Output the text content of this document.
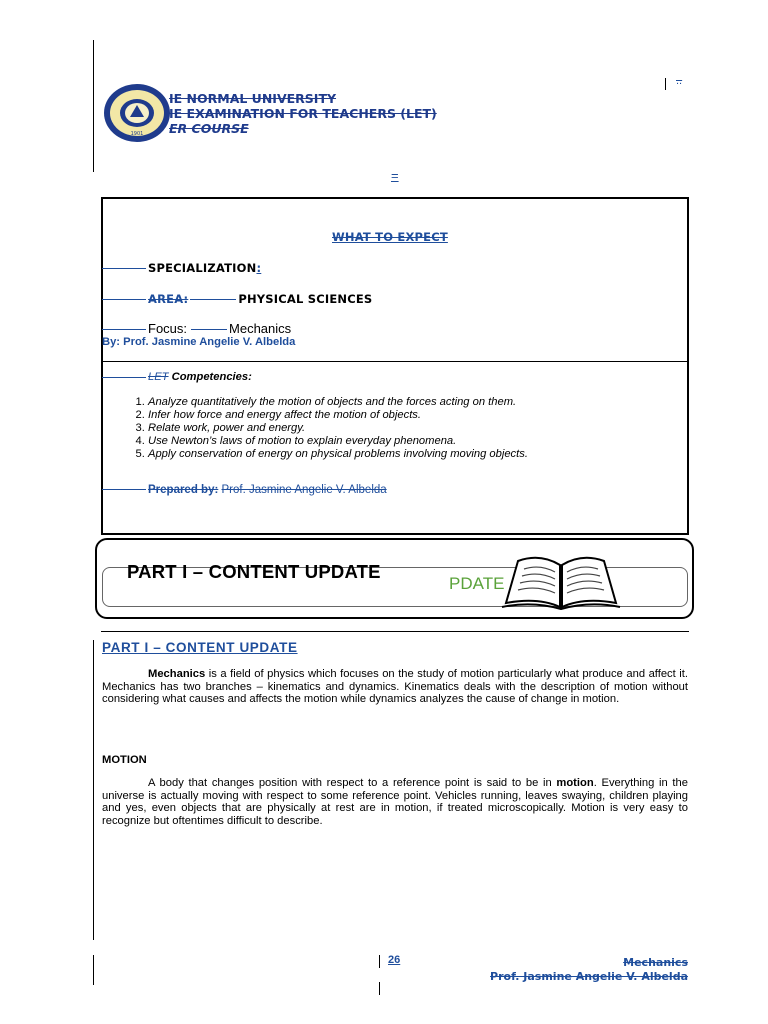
1901
IE NORMAL UNIVERSITY
IE EXAMINATION FOR TEACHERS (LET)
ER COURSE
..
=
WHAT TO EXPECT
SPECIALIZATION:
AREA:	PHYSICAL SCIENCES
Focus:	Mechanics
By: Prof. Jasmine Angelie V. Albelda
LET Competencies:
1. Analyze quantitatively the motion of objects and the forces acting on them.
2. Infer how force and energy affect the motion of objects.
3. Relate work, power and energy.
4. Use Newton’s laws of motion to explain everyday phenomena.
5. Apply conservation of energy on physical problems involving moving objects.
Prepared by: Prof. Jasmine Angelie V. Albelda
PDATE
PART I – CONTENT UPDATE
PART I – CONTENT UPDATE

Mechanics is a field of physics which focuses on the study of motion particularly what produce and affect it. Mechanics has two branches – kinematics and dynamics. Kinematics deals with the description of motion without considering what causes and affects the motion while dynamics analyzes the cause of change in motion.

MOTION

A body that changes position with respect to a reference point is said to be in motion. Everything in the universe is actually moving with respect to some reference point. Vehicles running, leaves swaying, children playing and yes, even objects that are physically at rest are in motion, if treated microscopically. Motion is very easy to recognize but oftentimes difficult to describe.

26	Mechanics
Prof. Jasmine Angelie V. Albelda
